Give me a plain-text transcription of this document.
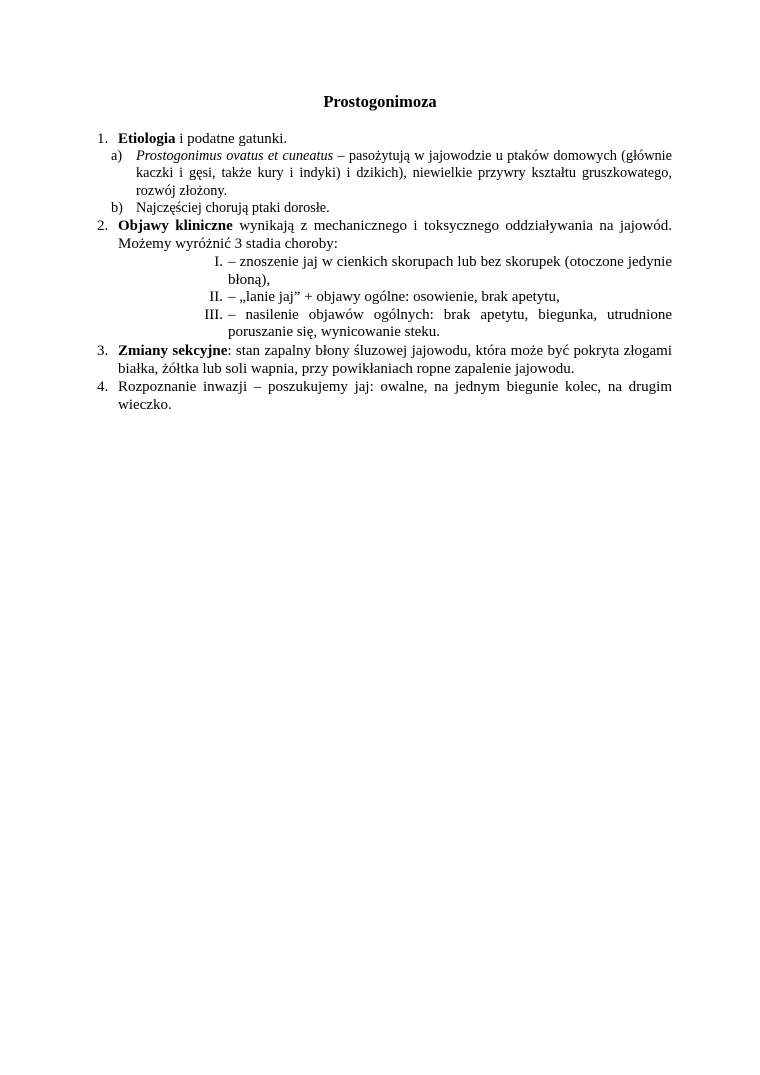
Prostogonimoza
1. Etiologia i podatne gatunki.
a) Prostogonimus ovatus et cuneatus – pasożytują w jajowodzie u ptaków domowych (głównie kaczki i gęsi, także kury i indyki) i dzikich), niewielkie przywry kształtu gruszkowatego, rozwój złożony.
b) Najczęściej chorują ptaki dorosłe.
2. Objawy kliniczne wynikają z mechanicznego i toksycznego oddziaływania na jajowód. Możemy wyróżnić 3 stadia choroby:
I. – znoszenie jaj w cienkich skorupach lub bez skorupek (otoczone jedynie błoną),
II. – „lanie jaj” + objawy ogólne: osowienie, brak apetytu,
III. – nasilenie objawów ogólnych: brak apetytu, biegunka, utrudnione poruszanie się, wynicowanie steku.
3. Zmiany sekcyjne: stan zapalny błony śluzowej jajowodu, która może być pokryta złogami białka, żółtka lub soli wapnia, przy powikłaniach ropne zapalenie jajowodu.
4. Rozpoznanie inwazji – poszukujemy jaj: owalne, na jednym biegunie kolec, na drugim wieczko.
